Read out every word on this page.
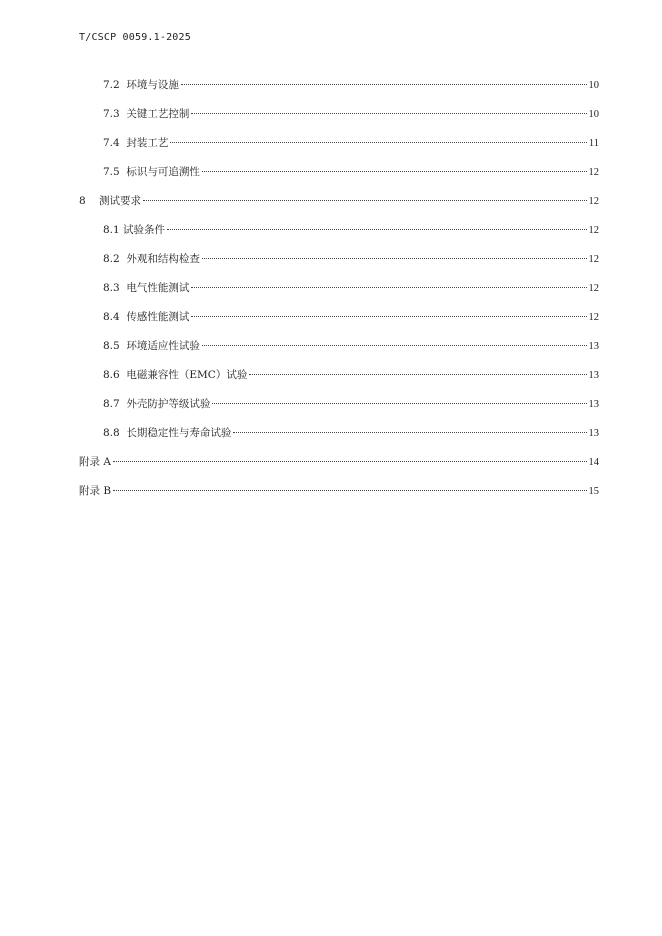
T/CSCP 0059.1-2025
7.2  环境与设施	10
7.3  关键工艺控制	10
7.4  封装工艺	11
7.5  标识与可追溯性	12
8    测试要求	12
8.1 试验条件	12
8.2  外观和结构检查	12
8.3  电气性能测试	12
8.4  传感性能测试	12
8.5  环境适应性试验	13
8.6  电磁兼容性（EMC）试验	13
8.7  外壳防护等级试验	13
8.8  长期稳定性与寿命试验	13
附录 A	14
附录 B	15
